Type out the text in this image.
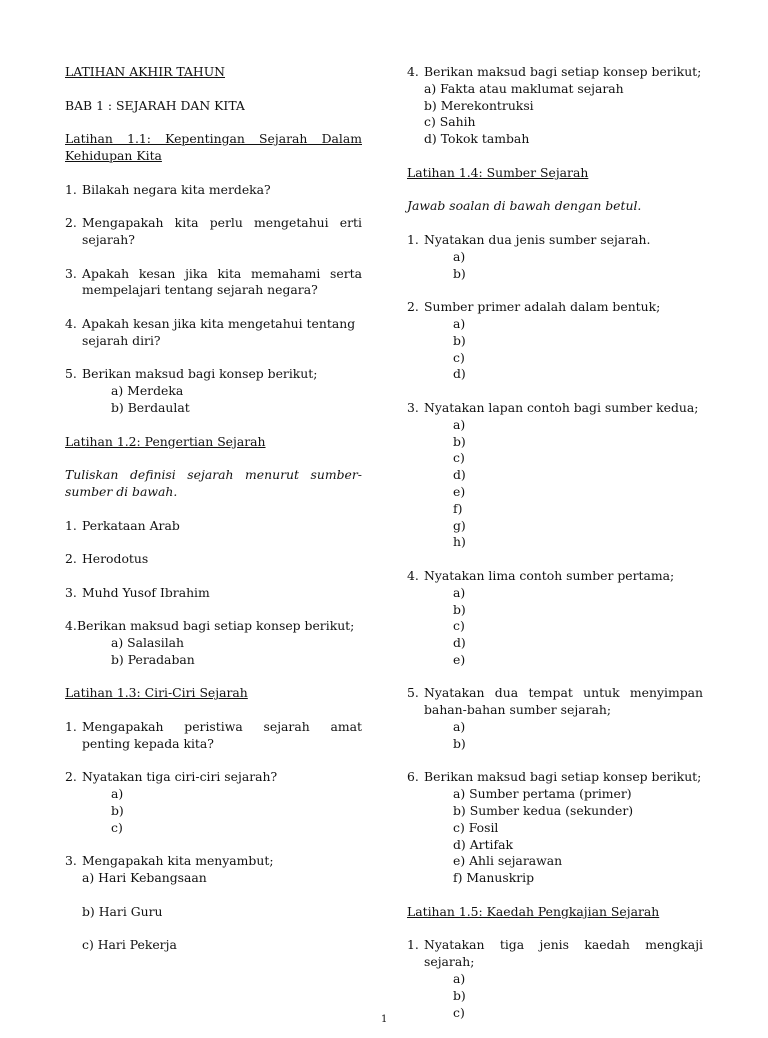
LATIHAN AKHIR TAHUN
BAB 1 : SEJARAH DAN KITA
Latihan 1.1: Kepentingan Sejarah Dalam Kehidupan Kita
1. Bilakah negara kita merdeka?
2. Mengapakah kita perlu mengetahui erti sejarah?
3. Apakah kesan jika kita memahami serta mempelajari tentang sejarah negara?
4. Apakah kesan jika kita mengetahui tentang sejarah diri?
5. Berikan maksud bagi konsep berikut;
a) Merdeka
b) Berdaulat
Latihan 1.2: Pengertian Sejarah
Tuliskan definisi sejarah menurut sumber-sumber di bawah.
1. Perkataan Arab
2. Herodotus
3. Muhd Yusof Ibrahim
4. Berikan maksud bagi setiap konsep berikut;
a) Salasilah
b) Peradaban
Latihan 1.3: Ciri-Ciri Sejarah
1. Mengapakah peristiwa sejarah amat penting kepada kita?
2. Nyatakan tiga ciri-ciri sejarah?
a)
b)
c)
3. Mengapakah kita menyambut;
a) Hari Kebangsaan
b) Hari Guru
c) Hari Pekerja
4. Berikan maksud bagi setiap konsep berikut;
a) Fakta atau maklumat sejarah
b) Merekontruksi
c) Sahih
d) Tokok tambah
Latihan 1.4: Sumber Sejarah
Jawab soalan di bawah dengan betul.
1. Nyatakan dua jenis sumber sejarah.
a)
b)
2. Sumber primer adalah dalam bentuk;
a)
b)
c)
d)
3. Nyatakan lapan contoh bagi sumber kedua;
a)
b)
c)
d)
e)
f)
g)
h)
4. Nyatakan lima contoh sumber pertama;
a)
b)
c)
d)
e)
5. Nyatakan dua tempat untuk menyimpan bahan-bahan sumber sejarah;
a)
b)
6. Berikan maksud bagi setiap konsep berikut;
a) Sumber pertama (primer)
b) Sumber kedua (sekunder)
c) Fosil
d) Artifak
e) Ahli sejarawan
f) Manuskrip
Latihan 1.5: Kaedah Pengkajian Sejarah
1. Nyatakan tiga jenis kaedah mengkaji sejarah;
a)
b)
c)
1
